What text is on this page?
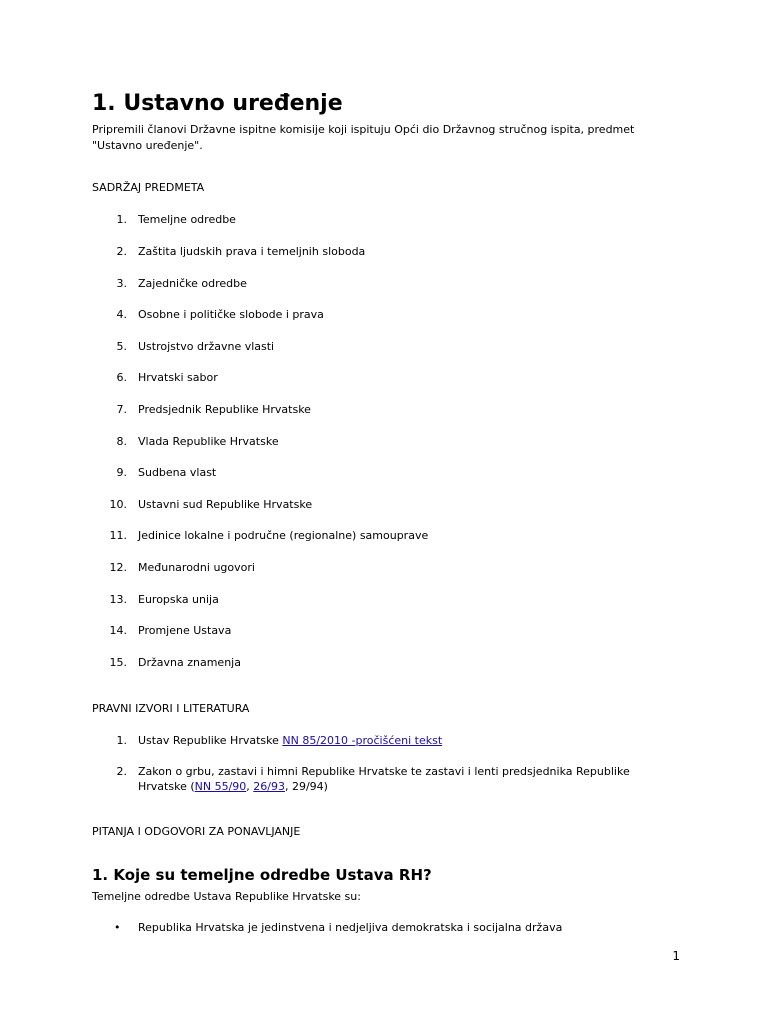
1. Ustavno uređenje

Pripremili članovi Državne ispitne komisije koji ispituju Opći dio Državnog stručnog ispita, predmet "Ustavno uređenje".

SADRŽAJ PREDMETA

1. Temeljne odredbe
2. Zaštita ljudskih prava i temeljnih sloboda
3. Zajedničke odredbe
4. Osobne i političke slobode i prava
5. Ustrojstvo državne vlasti
6. Hrvatski sabor
7. Predsjednik Republike Hrvatske
8. Vlada Republike Hrvatske
9. Sudbena vlast
10. Ustavni sud Republike Hrvatske
11. Jedinice lokalne i područne (regionalne) samouprave
12. Međunarodni ugovori
13. Europska unija
14. Promjene Ustava
15. Državna znamenja

PRAVNI IZVORI I LITERATURA

1. Ustav Republike Hrvatske NN 85/2010 -pročišćeni tekst
2. Zakon o grbu, zastavi i himni Republike Hrvatske te zastavi i lenti predsjednika Republike Hrvatske (NN 55/90, 26/93, 29/94)

PITANJA I ODGOVORI ZA PONAVLJANJE

1. Koje su temeljne odredbe Ustava RH?

Temeljne odredbe Ustava Republike Hrvatske su:

• Republika Hrvatska je jedinstvena i nedjeljiva demokratska i socijalna država
1
